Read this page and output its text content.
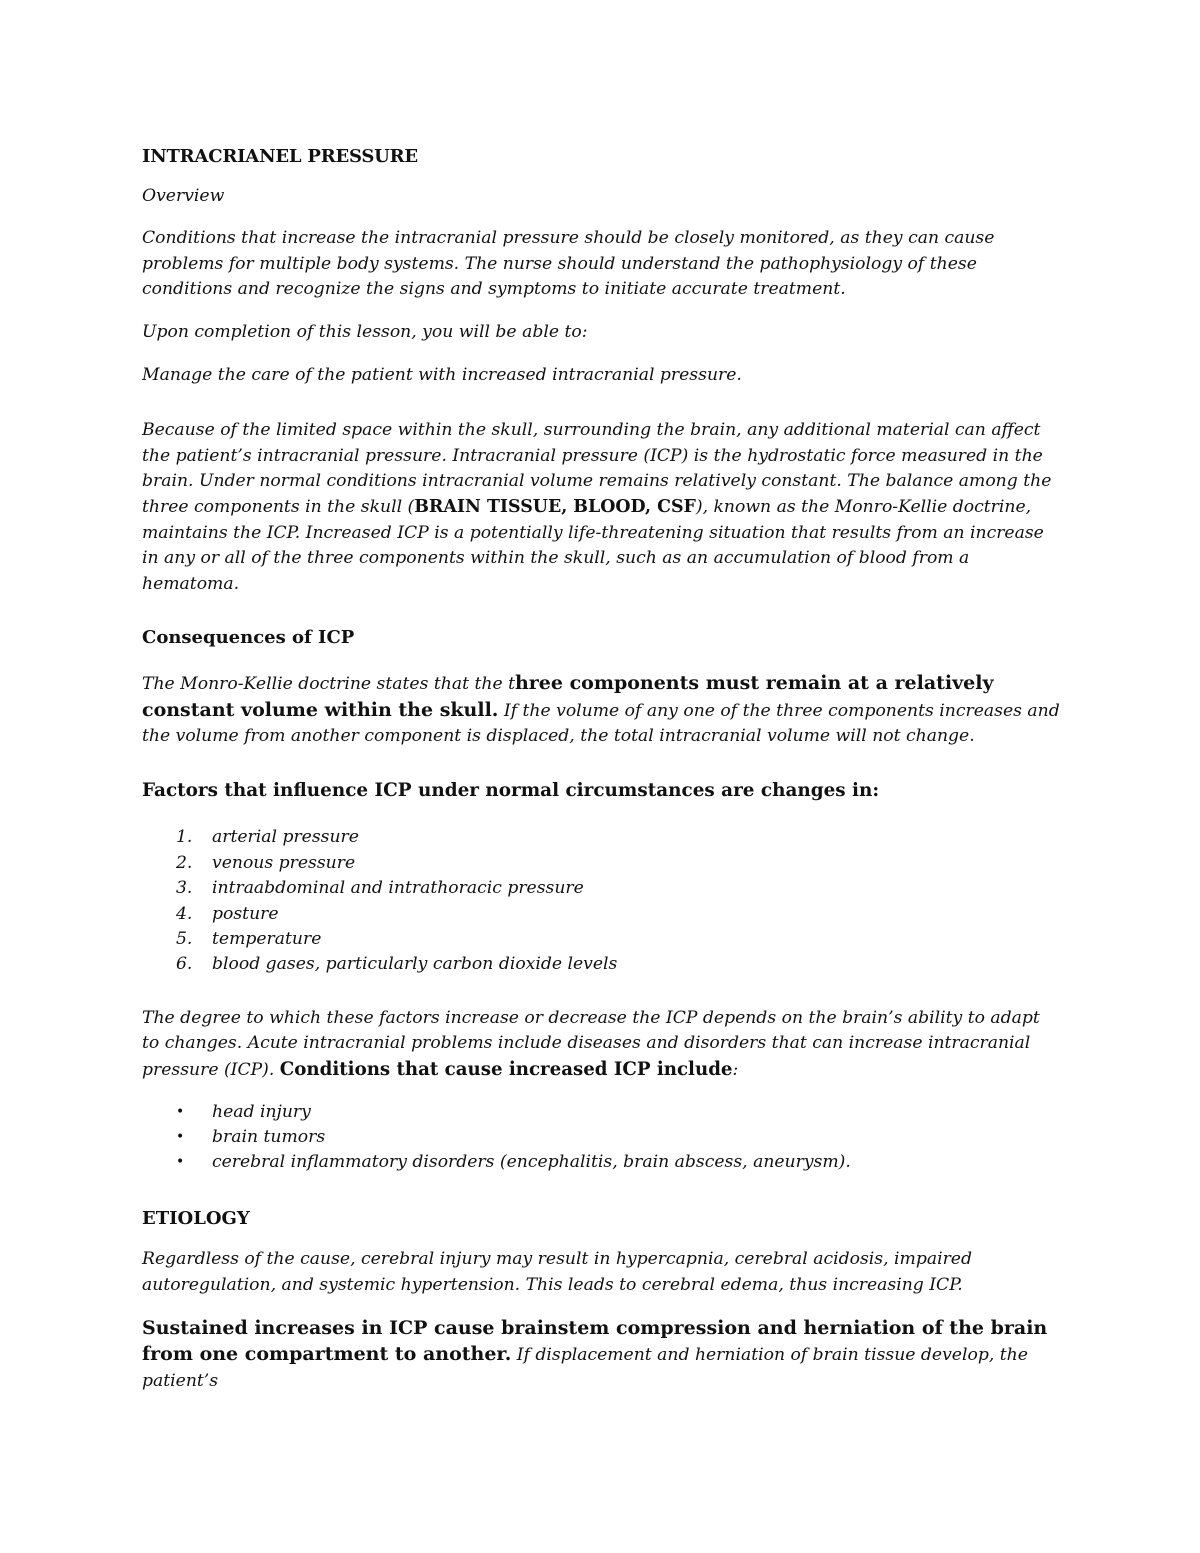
INTRACRIANEL PRESSURE

Overview

Conditions that increase the intracranial pressure should be closely monitored, as they can cause problems for multiple body systems. The nurse should understand the pathophysiology of these conditions and recognize the signs and symptoms to initiate accurate treatment.

Upon completion of this lesson, you will be able to:

Manage the care of the patient with increased intracranial pressure.

Because of the limited space within the skull, surrounding the brain, any additional material can affect the patient’s intracranial pressure. Intracranial pressure (ICP) is the hydrostatic force measured in the brain. Under normal conditions intracranial volume remains relatively constant. The balance among the three components in the skull (BRAIN TISSUE, BLOOD, CSF), known as the Monro-Kellie doctrine, maintains the ICP. Increased ICP is a potentially life-threatening situation that results from an increase in any or all of the three components within the skull, such as an accumulation of blood from a hematoma.

Consequences of ICP

The Monro-Kellie doctrine states that the three components must remain at a relatively constant volume within the skull. If the volume of any one of the three components increases and the volume from another component is displaced, the total intracranial volume will not change.

Factors that influence ICP under normal circumstances are changes in:

1. arterial pressure
2. venous pressure
3. intraabdominal and intrathoracic pressure
4. posture
5. temperature
6. blood gases, particularly carbon dioxide levels

The degree to which these factors increase or decrease the ICP depends on the brain’s ability to adapt to changes. Acute intracranial problems include diseases and disorders that can increase intracranial pressure (ICP). Conditions that cause increased ICP include:

• head injury
• brain tumors
• cerebral inflammatory disorders (encephalitis, brain abscess, aneurysm).
ETIOLOGY

Regardless of the cause, cerebral injury may result in hypercapnia, cerebral acidosis, impaired autoregulation, and systemic hypertension. This leads to cerebral edema, thus increasing ICP.

Sustained increases in ICP cause brainstem compression and herniation of the brain from one compartment to another. If displacement and herniation of brain tissue develop, the patient’s
